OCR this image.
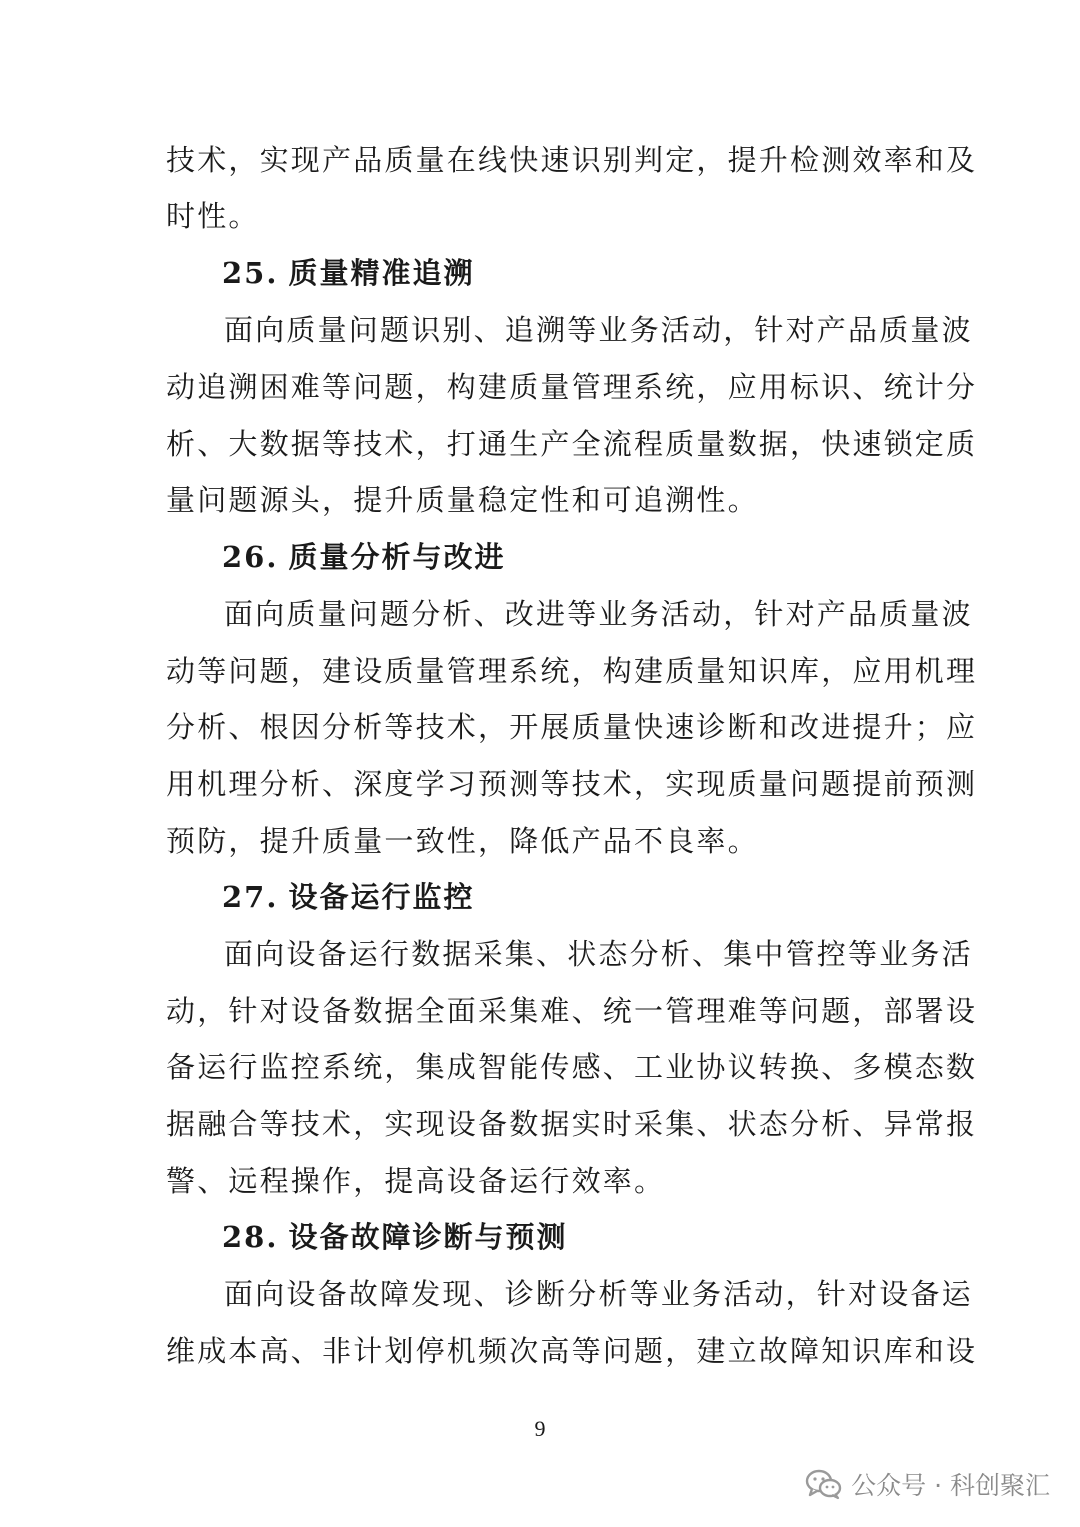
技术，实现产品质量在线快速识别判定，提升检测效率和及
时性。
25. 质量精准追溯
面向质量问题识别、追溯等业务活动，针对产品质量波
动追溯困难等问题，构建质量管理系统，应用标识、统计分
析、大数据等技术，打通生产全流程质量数据，快速锁定质
量问题源头，提升质量稳定性和可追溯性。
26. 质量分析与改进
面向质量问题分析、改进等业务活动，针对产品质量波
动等问题，建设质量管理系统，构建质量知识库，应用机理
分析、根因分析等技术，开展质量快速诊断和改进提升；应
用机理分析、深度学习预测等技术，实现质量问题提前预测
预防，提升质量一致性，降低产品不良率。
27. 设备运行监控
面向设备运行数据采集、状态分析、集中管控等业务活
动，针对设备数据全面采集难、统一管理难等问题，部署设
备运行监控系统，集成智能传感、工业协议转换、多模态数
据融合等技术，实现设备数据实时采集、状态分析、异常报
警、远程操作，提高设备运行效率。
28. 设备故障诊断与预测
面向设备故障发现、诊断分析等业务活动，针对设备运
维成本高、非计划停机频次高等问题，建立故障知识库和设
9
公众号 · 科创聚汇
